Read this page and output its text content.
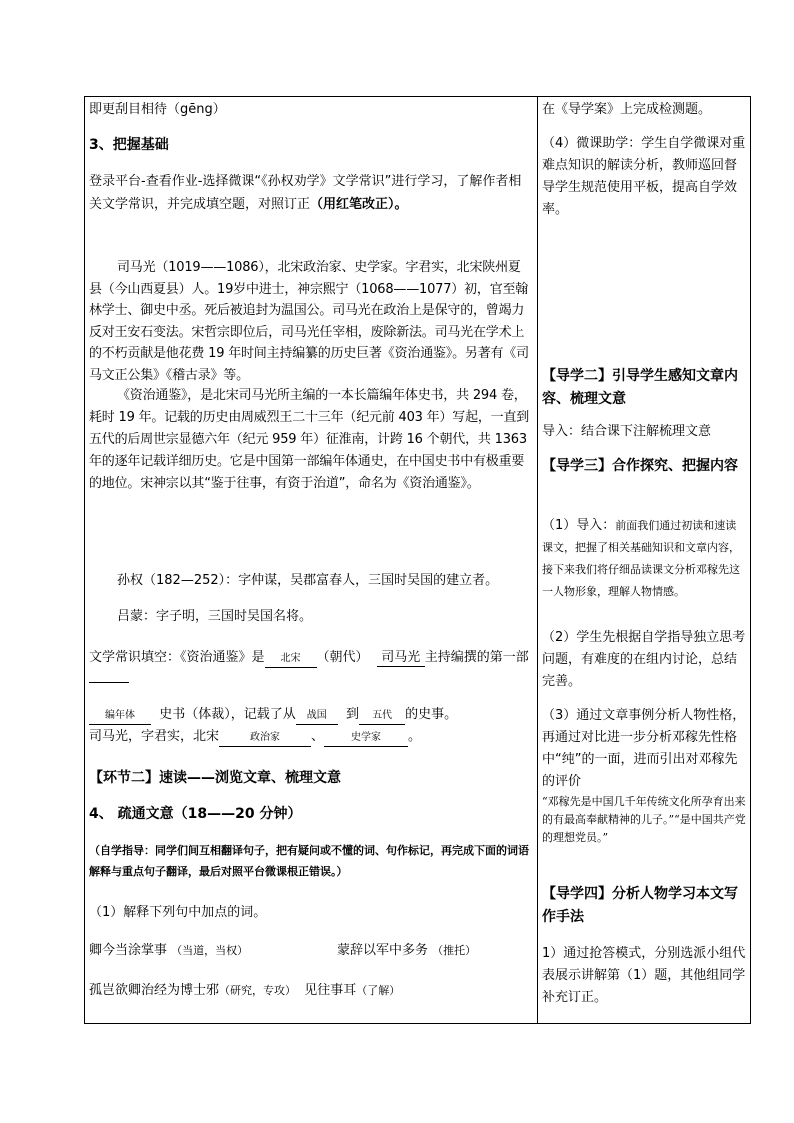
即更刮目相待（gēng）

3、把握基础

登录平台-查看作业-选择微课“《孙权劝学》文学常识”进行学习，了解作者相关文学常识，并完成填空题，对照订正（用红笔改正）。

司马光（1019——1086），北宋政治家、史学家。字君实，北宋陕州夏县（今山西夏县）人。19岁中进士，神宗熙宁（1068——1077）初，官至翰林学士、御史中丞。死后被追封为温国公。司马光在政治上是保守的，曾竭力反对王安石变法。宋哲宗即位后，司马光任宰相，废除新法。司马光在学术上的不朽贡献是他花费 19 年时间主持编纂的历史巨著《资治通鉴》。另著有《司马文正公集》《稽古录》等。

《资治通鉴》，是北宋司马光所主编的一本长篇编年体史书，共 294 卷，耗时 19 年。记载的历史由周威烈王二十三年（纪元前 403 年）写起，一直到五代的后周世宗显德六年（纪元 959 年）征淮南，计跨 16 个朝代，共 1363 年的逐年记载详细历史。它是中国第一部编年体通史，在中国史书中有极重要的地位。宋神宗以其“鉴于往事，有资于治道”，命名为《资治通鉴》。

孙权（182—252）：字仲谋，吴郡富春人，三国时吴国的建立者。

吕蒙：字子明，三国时吴国名将。

文学常识填空：《资治通鉴》是 北宋 （朝代） 司马光 主持编撰的第一部

编年体 史书（体裁），记载了从 战国 到 五代 的史事。
司马光，字君实，北宋	政治家 、	史学家 。

【环节二】速读——浏览文章、梳理文意

4、 疏通文意（18——20 分钟）

（自学指导：同学们间互相翻译句子，把有疑问或不懂的词、句作标记，再完成下面的词语解释与重点句子翻译，最后对照平台微课根正错误。）

（1）解释下列句中加点的词。

卿今当涂掌事 （当道，当权）	蒙辞以军中多务 （推托）

孤岂欲卿治经为博士邪（研究，专攻） 见往事耳（了解）

在《导学案》上完成检测题。

（4）微课助学：学生自学微课对重难点知识的解读分析，教师巡回督导学生规范使用平板，提高自学效率。

【导学二】引导学生感知文章内容、梳理文意

导入：结合课下注解梳理文意

【导学三】合作探究、把握内容

（1）导入：前面我们通过初读和速读课文，把握了相关基础知识和文章内容，接下来我们将仔细品读课文分析邓稼先这一人物形象，理解人物情感。

（2）学生先根据自学指导独立思考问题，有难度的在组内讨论，总结完善。

（3）通过文章事例分析人物性格，再通过对比进一步分析邓稼先性格中“纯”的一面，进而引出对邓稼先的评价

“邓稼先是中国几千年传统文化所孕育出来的有最高奉献精神的儿子。”“是中国共产党的理想党员。”

【导学四】分析人物学习本文写作手法

1）通过抢答模式，分别选派小组代表展示讲解第（1）题，其他组同学补充订正。
